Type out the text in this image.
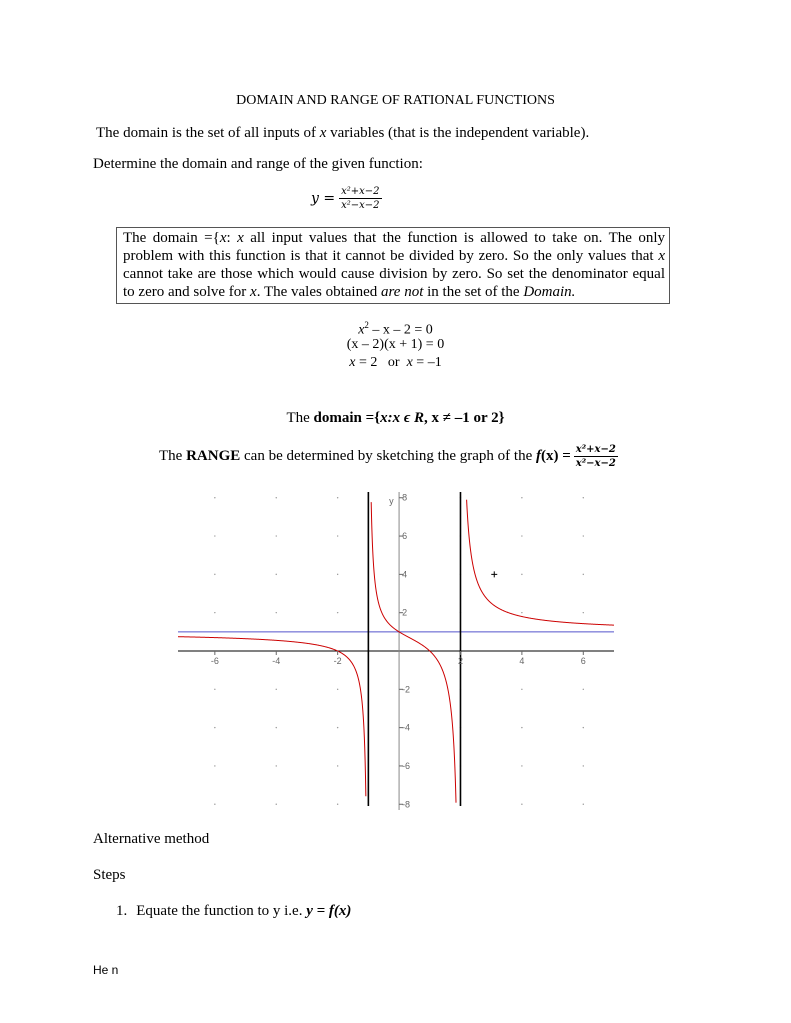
DOMAIN AND RANGE OF RATIONAL FUNCTIONS
The domain is the set of all inputs of x variables (that is the independent variable).
Determine the domain and range of the given function:
$y = \frac{\text{x²+x−2}}{\text{x²−x−2}}$
The domain ={x: x all input values that the function is allowed to take on. The only problem with this function is that it cannot be divided by zero. So the only values that x cannot take are those which would cause division by zero. So set the denominator equal to zero and solve for x. The vales obtained are not in the set of the Domain.
$x^2 - x - 2 = 0$
(x – 2)(x + 1) = 0
x = 2   or  x = –1
The domain ={x:x ϵ R, x ≠ –1 or 2}
The RANGE can be determined by sketching the graph of the $f(x) = \frac{\text{x²+x−2}}{\text{x²−x−2}}$
-6	-4	-2	2	4	6
8
6
4
2
-2
-4
-6
-8
y
Alternative method
Steps
1. Equate the function to y i.e. y = f(x)
He n
